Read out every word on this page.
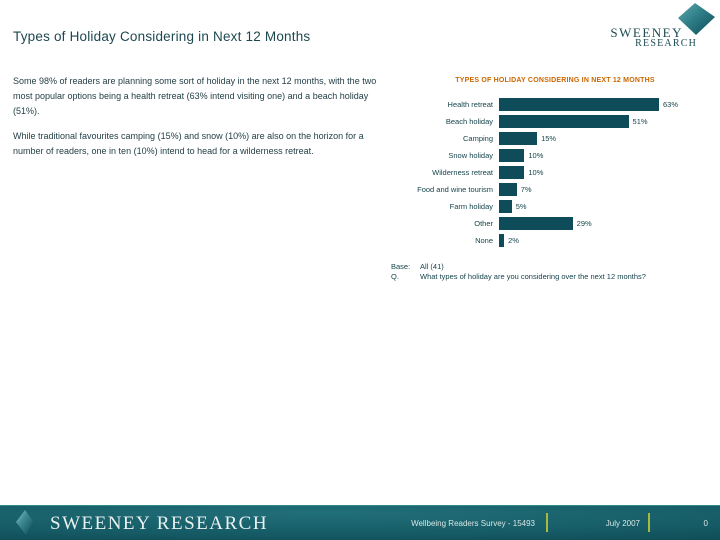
Types of Holiday Considering in Next 12 Months	SWEENEY
RESEARCH

Some 98% of readers are planning some sort of holiday in the next 12 months, with the two most popular options being a health retreat (63% intend visiting one) and a beach holiday (51%).

While traditional favourites camping (15%) and snow (10%) are also on the horizon for a number of readers, one in ten (10%) intend to head for a wilderness retreat.

TYPES OF HOLIDAY CONSIDERING IN NEXT 12 MONTHS
Health retreat	63%
Beach holiday	51%
Camping	15%
Snow holiday	10%
Wilderness retreat	10%
Food and wine tourism	7%
Farm holiday	5%
Other	29%
None	2%
Base:	All (41)
Q.	What types of holiday are you considering over the next 12 months?
SWEENEY RESEARCH	Wellbeing Readers Survey - 15493	July 2007	0
